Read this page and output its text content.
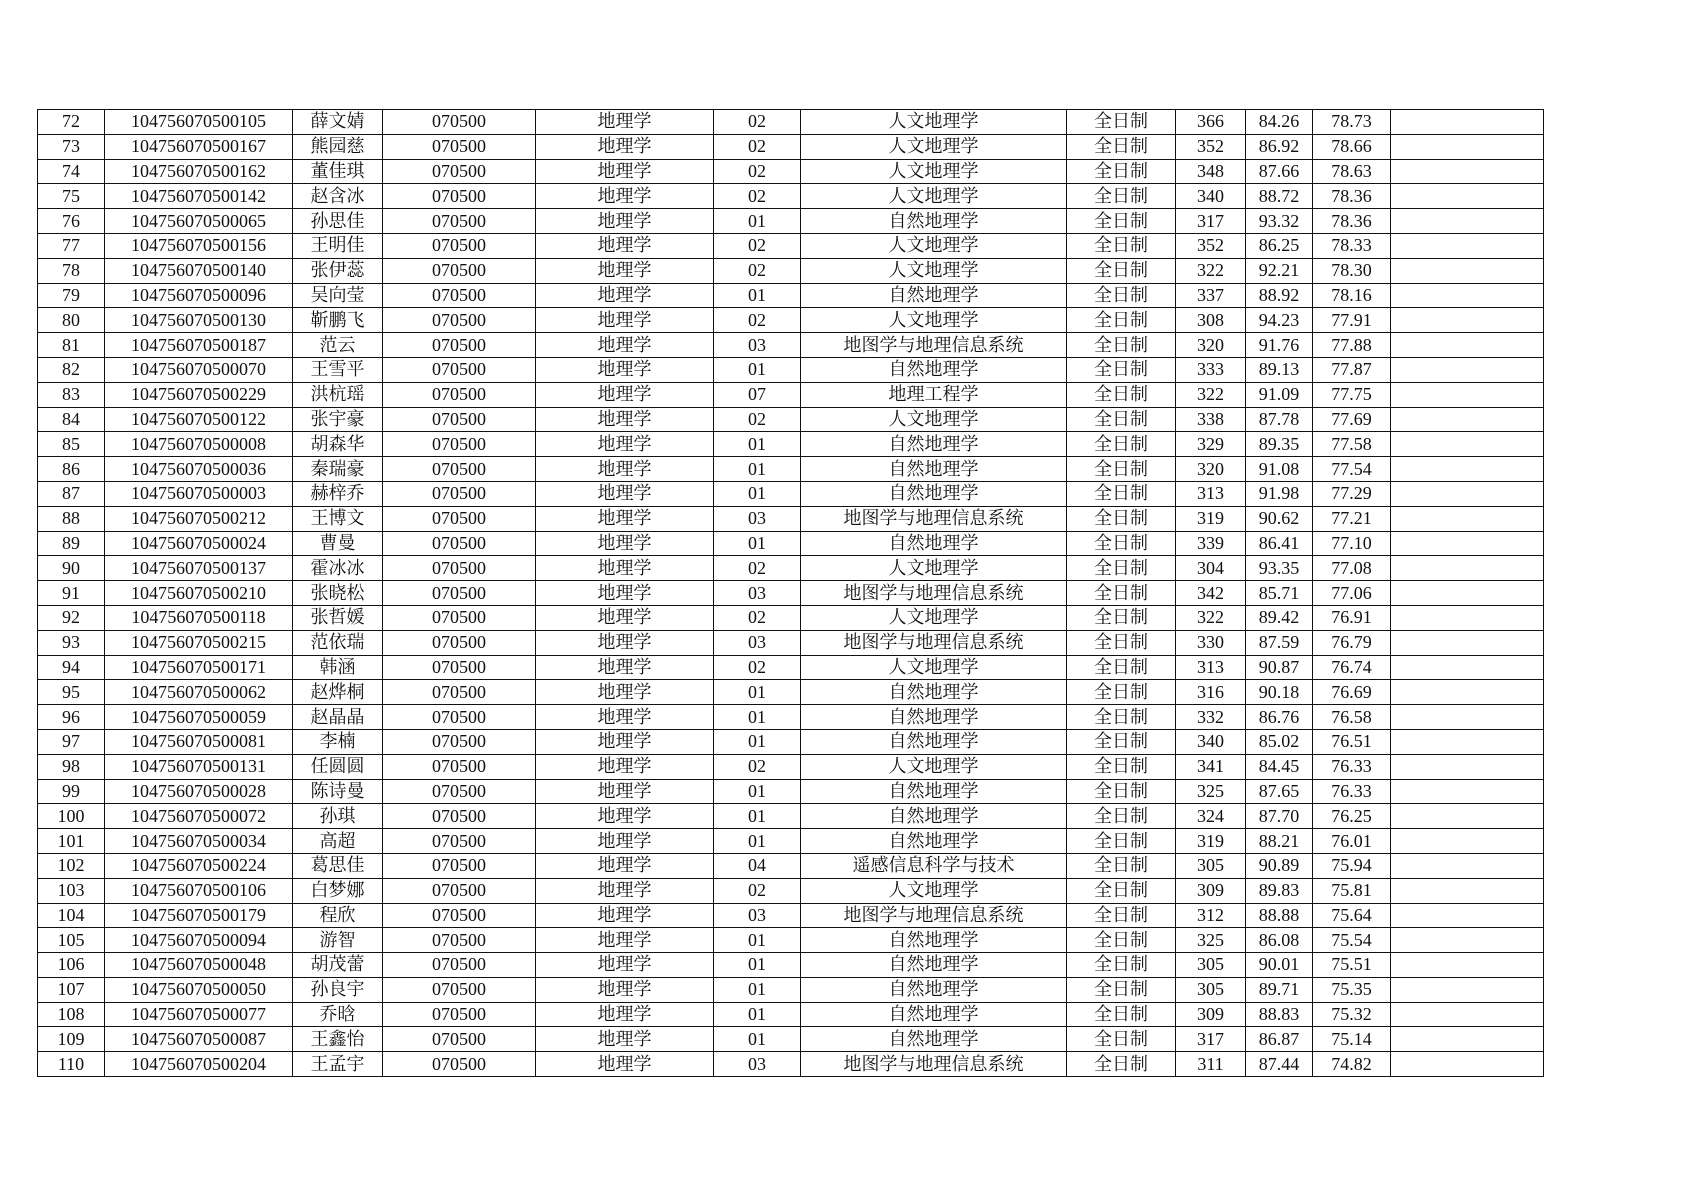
72	104756070500105	薛文婧	070500	地理学	02	人文地理学	全日制	366	84.26	78.73	
73	104756070500167	熊园慈	070500	地理学	02	人文地理学	全日制	352	86.92	78.66	
74	104756070500162	董佳琪	070500	地理学	02	人文地理学	全日制	348	87.66	78.63	
75	104756070500142	赵含冰	070500	地理学	02	人文地理学	全日制	340	88.72	78.36	
76	104756070500065	孙思佳	070500	地理学	01	自然地理学	全日制	317	93.32	78.36	
77	104756070500156	王明佳	070500	地理学	02	人文地理学	全日制	352	86.25	78.33	
78	104756070500140	张伊蕊	070500	地理学	02	人文地理学	全日制	322	92.21	78.30	
79	104756070500096	吴向莹	070500	地理学	01	自然地理学	全日制	337	88.92	78.16	
80	104756070500130	靳鹏飞	070500	地理学	02	人文地理学	全日制	308	94.23	77.91	
81	104756070500187	范云	070500	地理学	03	地图学与地理信息系统	全日制	320	91.76	77.88	
82	104756070500070	王雪平	070500	地理学	01	自然地理学	全日制	333	89.13	77.87	
83	104756070500229	洪杭瑶	070500	地理学	07	地理工程学	全日制	322	91.09	77.75	
84	104756070500122	张宇豪	070500	地理学	02	人文地理学	全日制	338	87.78	77.69	
85	104756070500008	胡森华	070500	地理学	01	自然地理学	全日制	329	89.35	77.58	
86	104756070500036	秦瑞豪	070500	地理学	01	自然地理学	全日制	320	91.08	77.54	
87	104756070500003	赫梓乔	070500	地理学	01	自然地理学	全日制	313	91.98	77.29	
88	104756070500212	王博文	070500	地理学	03	地图学与地理信息系统	全日制	319	90.62	77.21	
89	104756070500024	曹曼	070500	地理学	01	自然地理学	全日制	339	86.41	77.10	
90	104756070500137	霍冰冰	070500	地理学	02	人文地理学	全日制	304	93.35	77.08	
91	104756070500210	张晓松	070500	地理学	03	地图学与地理信息系统	全日制	342	85.71	77.06	
92	104756070500118	张哲媛	070500	地理学	02	人文地理学	全日制	322	89.42	76.91	
93	104756070500215	范依瑞	070500	地理学	03	地图学与地理信息系统	全日制	330	87.59	76.79	
94	104756070500171	韩涵	070500	地理学	02	人文地理学	全日制	313	90.87	76.74	
95	104756070500062	赵烨桐	070500	地理学	01	自然地理学	全日制	316	90.18	76.69	
96	104756070500059	赵晶晶	070500	地理学	01	自然地理学	全日制	332	86.76	76.58	
97	104756070500081	李楠	070500	地理学	01	自然地理学	全日制	340	85.02	76.51	
98	104756070500131	任圆圆	070500	地理学	02	人文地理学	全日制	341	84.45	76.33	
99	104756070500028	陈诗曼	070500	地理学	01	自然地理学	全日制	325	87.65	76.33	
100	104756070500072	孙琪	070500	地理学	01	自然地理学	全日制	324	87.70	76.25	
101	104756070500034	高超	070500	地理学	01	自然地理学	全日制	319	88.21	76.01	
102	104756070500224	葛思佳	070500	地理学	04	遥感信息科学与技术	全日制	305	90.89	75.94	
103	104756070500106	白梦娜	070500	地理学	02	人文地理学	全日制	309	89.83	75.81	
104	104756070500179	程欣	070500	地理学	03	地图学与地理信息系统	全日制	312	88.88	75.64	
105	104756070500094	游智	070500	地理学	01	自然地理学	全日制	325	86.08	75.54	
106	104756070500048	胡茂蕾	070500	地理学	01	自然地理学	全日制	305	90.01	75.51	
107	104756070500050	孙良宇	070500	地理学	01	自然地理学	全日制	305	89.71	75.35	
108	104756070500077	乔晗	070500	地理学	01	自然地理学	全日制	309	88.83	75.32	
109	104756070500087	王鑫怡	070500	地理学	01	自然地理学	全日制	317	86.87	75.14	
110	104756070500204	王孟宇	070500	地理学	03	地图学与地理信息系统	全日制	311	87.44	74.82	
